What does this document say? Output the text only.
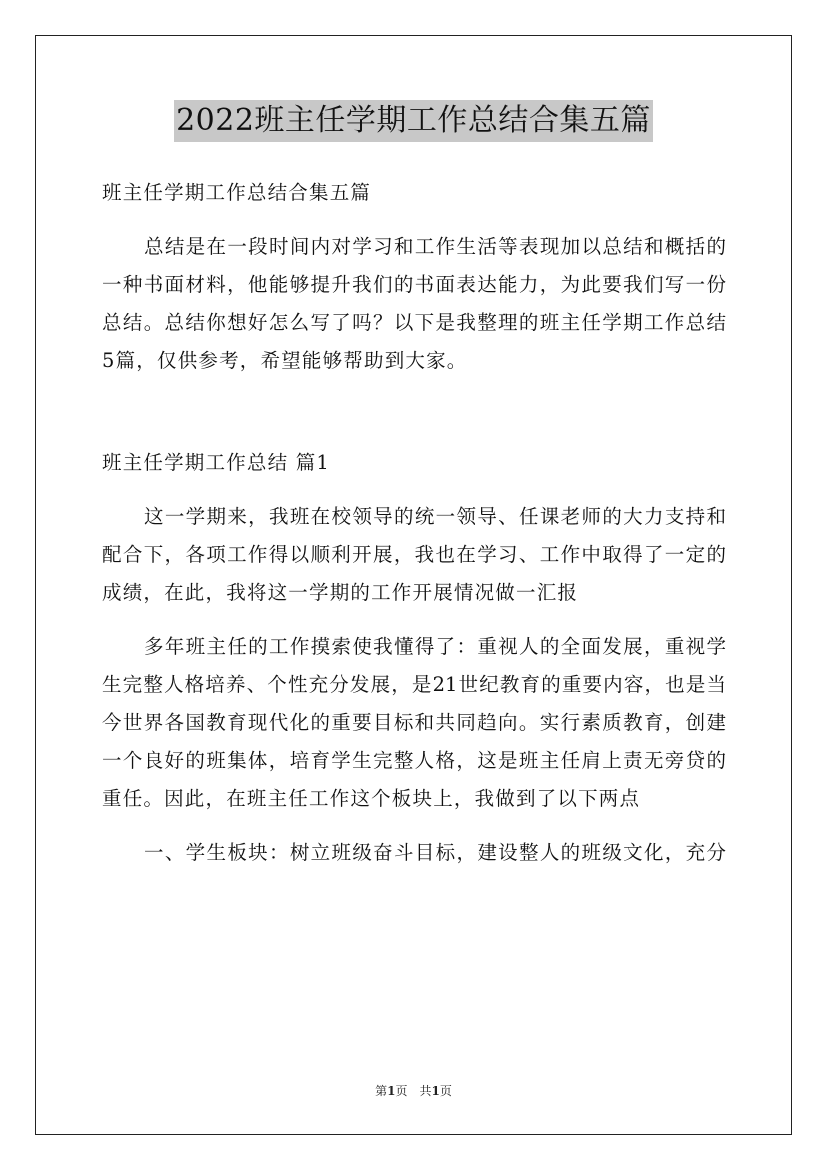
2022班主任学期工作总结合集五篇
班主任学期工作总结合集五篇
总结是在一段时间内对学习和工作生活等表现加以总结和概括的
一种书面材料，他能够提升我们的书面表达能力，为此要我们写一份
总结。总结你想好怎么写了吗？以下是我整理的班主任学期工作总结
5篇，仅供参考，希望能够帮助到大家。
班主任学期工作总结 篇1
这一学期来，我班在校领导的统一领导、任课老师的大力支持和
配合下，各项工作得以顺利开展，我也在学习、工作中取得了一定的
成绩，在此，我将这一学期的工作开展情况做一汇报
多年班主任的工作摸索使我懂得了：重视人的全面发展，重视学
生完整人格培养、个性充分发展，是21世纪教育的重要内容，也是当
今世界各国教育现代化的重要目标和共同趋向。实行素质教育，创建
一个良好的班集体，培育学生完整人格，这是班主任肩上责无旁贷的
重任。因此，在班主任工作这个板块上，我做到了以下两点
一、学生板块：树立班级奋斗目标，建设整人的班级文化，充分
第1页　共1页
